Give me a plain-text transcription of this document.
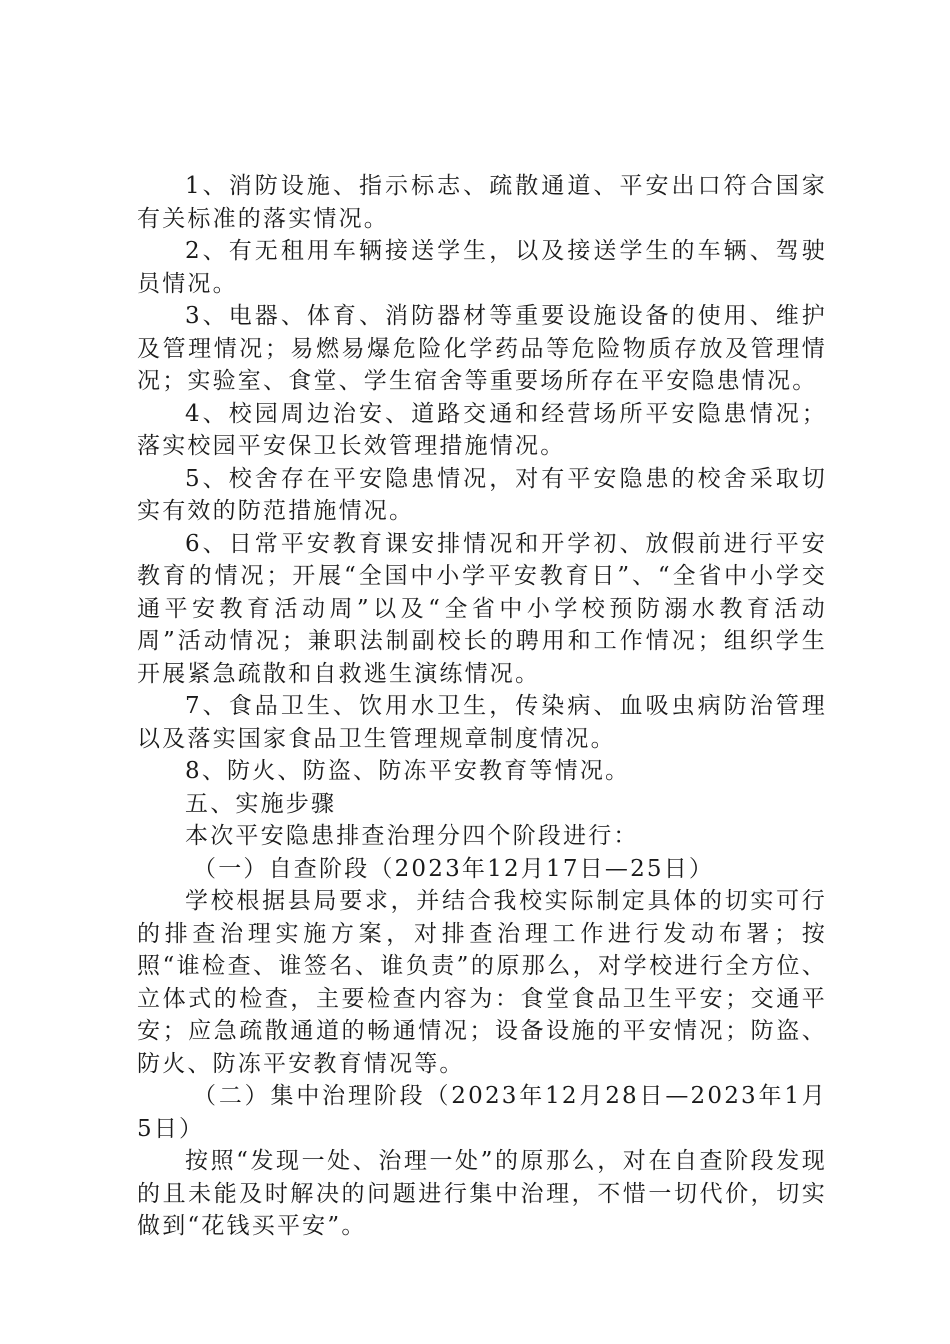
1、消防设施、指示标志、疏散通道、平安出口符合国家有关标准的落实情况。

2、有无租用车辆接送学生，以及接送学生的车辆、驾驶员情况。

3、电器、体育、消防器材等重要设施设备的使用、维护及管理情况；易燃易爆危险化学药品等危险物质存放及管理情况；实验室、食堂、学生宿舍等重要场所存在平安隐患情况。

4、校园周边治安、道路交通和经营场所平安隐患情况；落实校园平安保卫长效管理措施情况。

5、校舍存在平安隐患情况，对有平安隐患的校舍采取切实有效的防范措施情况。

6、日常平安教育课安排情况和开学初、放假前进行平安教育的情况；开展“全国中小学平安教育日”、“全省中小学交通平安教育活动周”以及“全省中小学校预防溺水教育活动周”活动情况；兼职法制副校长的聘用和工作情况；组织学生开展紧急疏散和自救逃生演练情况。

7、食品卫生、饮用水卫生，传染病、血吸虫病防治管理以及落实国家食品卫生管理规章制度情况。

8、防火、防盗、防冻平安教育等情况。

五、实施步骤

本次平安隐患排查治理分四个阶段进行：

（一）自查阶段（2023年12月17日—25日）

学校根据县局要求，并结合我校实际制定具体的切实可行的排查治理实施方案，对排查治理工作进行发动布署；按照“谁检查、谁签名、谁负责”的原那么，对学校进行全方位、立体式的检查，主要检查内容为：食堂食品卫生平安；交通平安；应急疏散通道的畅通情况；设备设施的平安情况；防盗、防火、防冻平安教育情况等。

（二）集中治理阶段（2023年12月28日—2023年1月5日）

按照“发现一处、治理一处”的原那么，对在自查阶段发现的且未能及时解决的问题进行集中治理，不惜一切代价，切实做到“花钱买平安”。
